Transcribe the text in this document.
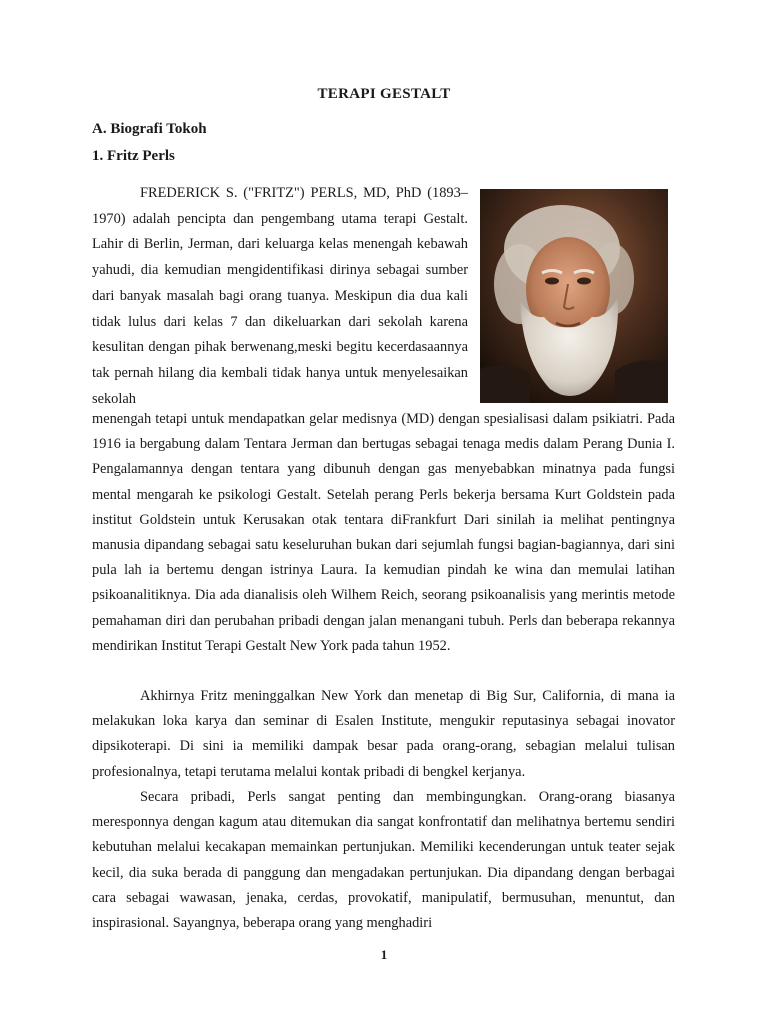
TERAPI GESTALT
A. Biografi Tokoh
1. Fritz Perls
FREDERICK S. ("FRITZ") PERLS, MD, PhD (1893–1970) adalah pencipta dan pengembang utama terapi Gestalt. Lahir di Berlin, Jerman, dari keluarga kelas menengah kebawah yahudi, dia kemudian mengidentifikasi dirinya sebagai sumber dari banyak masalah bagi orang tuanya. Meskipun dia dua kali tidak lulus dari kelas 7 dan dikeluarkan dari sekolah karena kesulitan dengan pihak berwenang,meski begitu kecerdasaannya tak pernah hilang dia kembali tidak hanya untuk menyelesaikan sekolah
menengah tetapi untuk mendapatkan gelar medisnya (MD) dengan spesialisasi dalam psikiatri. Pada 1916 ia bergabung dalam Tentara Jerman dan bertugas sebagai tenaga medis dalam Perang Dunia I. Pengalamannya dengan tentara yang dibunuh dengan gas menyebabkan minatnya pada fungsi mental mengarah ke psikologi Gestalt. Setelah perang Perls bekerja bersama Kurt Goldstein pada institut Goldstein untuk Kerusakan otak tentara diFrankfurt Dari sinilah ia melihat pentingnya manusia dipandang sebagai satu keseluruhan bukan dari sejumlah fungsi bagian-bagiannya, dari sini pula lah ia bertemu dengan istrinya Laura. Ia kemudian pindah ke wina dan memulai latihan psikoanalitiknya. Dia ada dianalisis oleh Wilhem Reich, seorang psikoanalisis yang merintis metode pemahaman diri dan perubahan pribadi dengan jalan menangani tubuh. Perls dan beberapa rekannya mendirikan Institut Terapi Gestalt New York pada tahun 1952.
Akhirnya Fritz meninggalkan New York dan menetap di Big Sur, California, di mana ia melakukan loka karya dan seminar di Esalen Institute, mengukir reputasinya sebagai inovator dipsikoterapi. Di sini ia memiliki dampak besar pada orang-orang, sebagian melalui tulisan profesionalnya, tetapi terutama melalui kontak pribadi di bengkel kerjanya.
Secara pribadi, Perls sangat penting dan membingungkan. Orang-orang biasanya meresponnya dengan kagum atau ditemukan dia sangat konfrontatif dan melihatnya bertemu sendiri kebutuhan melalui kecakapan memainkan pertunjukan. Memiliki kecenderungan untuk teater sejak kecil, dia suka berada di panggung dan mengadakan pertunjukan. Dia dipandang dengan berbagai cara sebagai wawasan, jenaka, cerdas, provokatif, manipulatif, bermusuhan, menuntut, dan inspirasional. Sayangnya, beberapa orang yang menghadiri
1
